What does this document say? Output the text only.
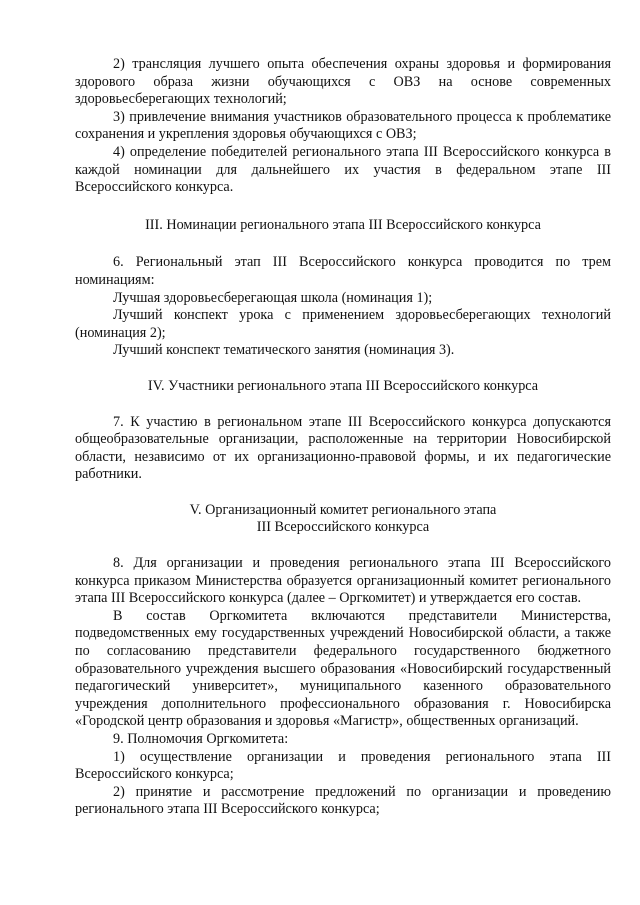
2) трансляция лучшего опыта обеспечения охраны здоровья и формирования здорового образа жизни обучающихся с ОВЗ на основе современных здоровьесберегающих технологий;

3) привлечение внимания участников образовательного процесса к проблематике сохранения и укрепления здоровья обучающихся с ОВЗ;

4) определение победителей регионального этапа III Всероссийского конкурса в каждой номинации для дальнейшего их участия в федеральном этапе III Всероссийского конкурса.

III. Номинации регионального этапа III Всероссийского конкурса

6. Региональный этап III Всероссийского конкурса проводится по трем номинациям:

Лучшая здоровьесберегающая школа (номинация 1);

Лучший конспект урока с применением здоровьесберегающих технологий (номинация 2);

Лучший конспект тематического занятия (номинация 3).

IV. Участники регионального этапа III Всероссийского конкурса

7. К участию в региональном этапе III Всероссийского конкурса допускаются общеобразовательные организации, расположенные на территории Новосибирской области, независимо от их организационно-правовой формы, и их педагогические работники.

V. Организационный комитет регионального этапа
III Всероссийского конкурса

8. Для организации и проведения регионального этапа III Всероссийского конкурса приказом Министерства образуется организационный комитет регионального этапа III Всероссийского конкурса (далее – Оргкомитет) и утверждается его состав.

В состав Оргкомитета включаются представители Министерства, подведомственных ему государственных учреждений Новосибирской области, а также по согласованию представители федерального государственного бюджетного образовательного учреждения высшего образования «Новосибирский государственный педагогический университет», муниципального казенного образовательного учреждения дополнительного профессионального образования г. Новосибирска «Городской центр образования и здоровья «Магистр», общественных организаций.

9. Полномочия Оргкомитета:

1) осуществление организации и проведения регионального этапа III Всероссийского конкурса;

2) принятие и рассмотрение предложений по организации и проведению регионального этапа III Всероссийского конкурса;
